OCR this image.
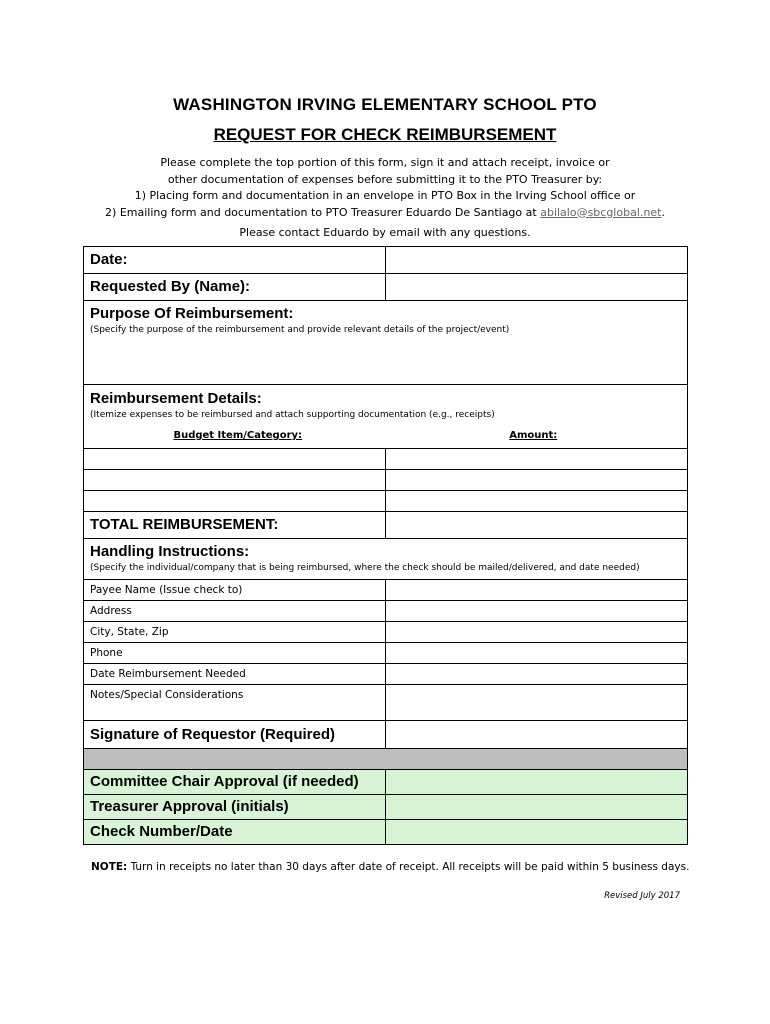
WASHINGTON IRVING ELEMENTARY SCHOOL PTO
REQUEST FOR CHECK REIMBURSEMENT
Please complete the top portion of this form, sign it and attach receipt, invoice or
other documentation of expenses before submitting it to the PTO Treasurer by:
1) Placing form and documentation in an envelope in PTO Box in the Irving School office or
2) Emailing form and documentation to PTO Treasurer Eduardo De Santiago at abilalo@sbcglobal.net.
Please contact Eduardo by email with any questions.
Date:	
Requested By (Name):	

Purpose Of Reimbursement:
(Specify the purpose of the reimbursement and provide relevant details of the project/event)	

Reimbursement Details:
(Itemize expenses to be reimbursed and attach supporting documentation (e.g., receipts)
Budget Item/Category: Amount:	

TOTAL REIMBURSEMENT:	

Handling Instructions:
(Specify the individual/company that is being reimbursed, where the check should be mailed/delivered, and date needed)	

Payee Name (Issue check to)	
Address	
City, State, Zip	
Phone	
Date Reimbursement Needed	
Notes/Special Considerations	
Signature of Requestor (Required)	

Committee Chair Approval (if needed)	
Treasurer Approval (initials)	
Check Number/Date	
NOTE: Turn in receipts no later than 30 days after date of receipt. All receipts will be paid within 5 business days.
Revised July 2017
